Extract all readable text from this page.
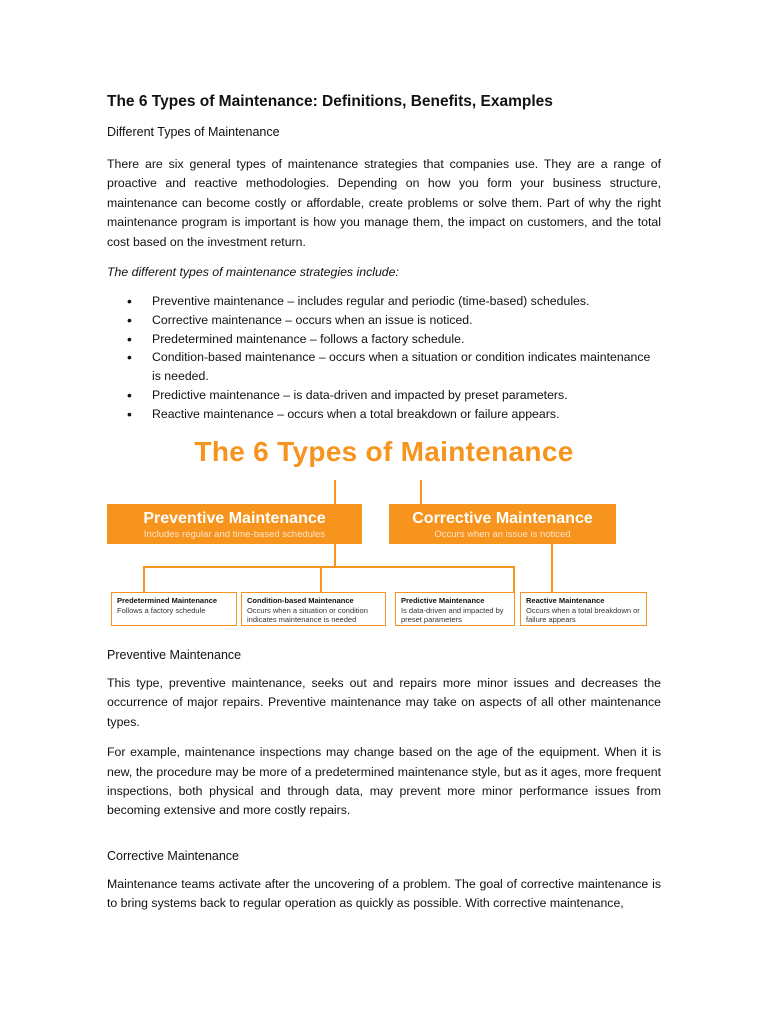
The 6 Types of Maintenance: Definitions, Benefits, Examples
Different Types of Maintenance
There are six general types of maintenance strategies that companies use. They are a range of proactive and reactive methodologies. Depending on how you form your business structure, maintenance can become costly or affordable, create problems or solve them. Part of why the right maintenance program is important is how you manage them, the impact on customers, and the total cost based on the investment return.
The different types of maintenance strategies include:
• Preventive maintenance – includes regular and periodic (time-based) schedules.
• Corrective maintenance – occurs when an issue is noticed.
• Predetermined maintenance – follows a factory schedule.
• Condition-based maintenance – occurs when a situation or condition indicates maintenance is needed.
• Predictive maintenance – is data-driven and impacted by preset parameters.
• Reactive maintenance – occurs when a total breakdown or failure appears.
The 6 Types of Maintenance
Preventive Maintenance
Includes regular and time-based schedules
Corrective Maintenance
Occurs when an issue is noticed
Predetermined Maintenance
Follows a factory schedule
Condition-based Maintenance
Occurs when a situation or condition indicates maintenance is needed
Predictive Maintenance
Is data-driven and impacted by preset parameters
Reactive Maintenance
Occurs when a total breakdown or failure appears
Preventive Maintenance
This type, preventive maintenance, seeks out and repairs more minor issues and decreases the occurrence of major repairs. Preventive maintenance may take on aspects of all other maintenance types.
For example, maintenance inspections may change based on the age of the equipment. When it is new, the procedure may be more of a predetermined maintenance style, but as it ages, more frequent inspections, both physical and through data, may prevent more minor performance issues from becoming extensive and more costly repairs.
Corrective Maintenance
Maintenance teams activate after the uncovering of a problem. The goal of corrective maintenance is to bring systems back to regular operation as quickly as possible. With corrective maintenance,
